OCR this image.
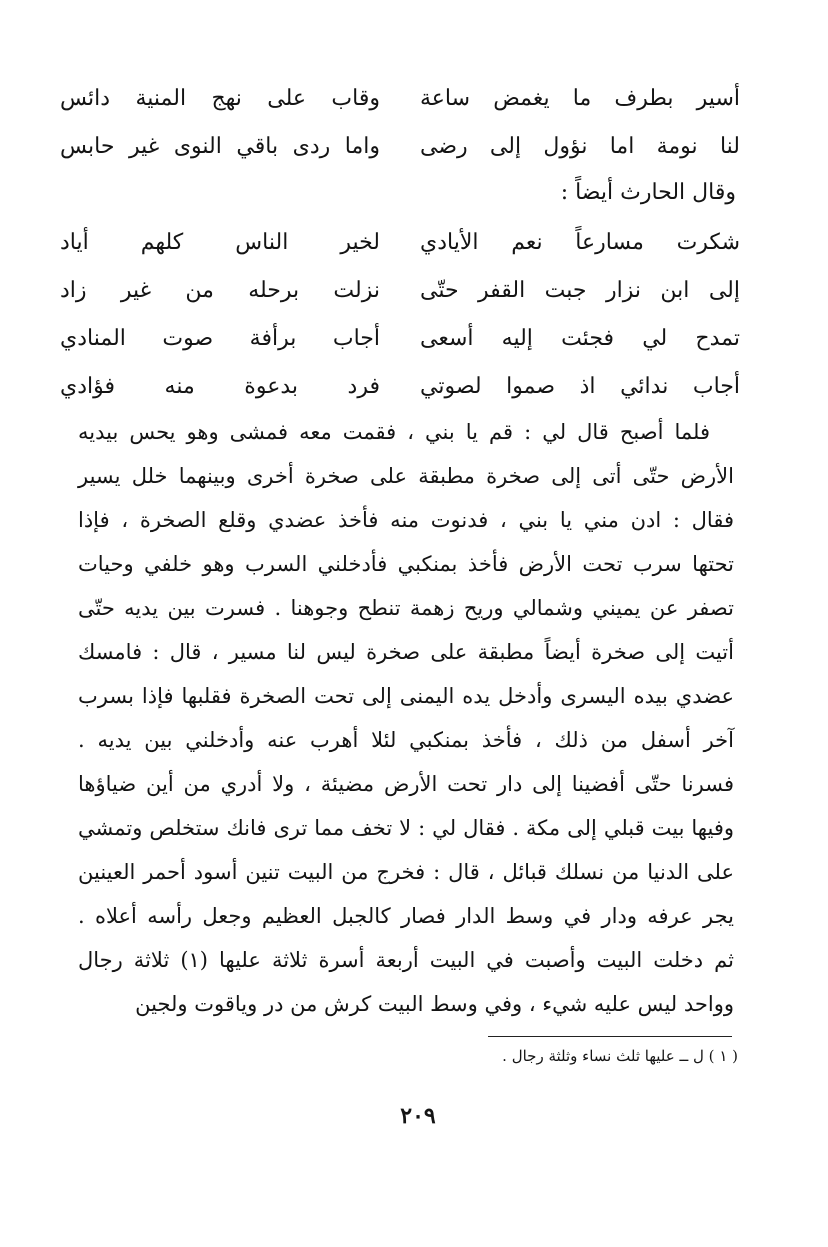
أسير بطرف ما يغمض ساعة
وقاب على نهج المنية دائس
لنا نومة اما نؤول إلى رضى
واما ردى باقي النوى غير حابس
وقال الحارث أيضاً :
شكرت مسارعاً نعم الأيادي
لخير الناس كلهم أياد
إلى ابن نزار جبت القفر حتّى
نزلت برحله من غير زاد
تمدح لي فجئت إليه أسعى
أجاب برأفة صوت المنادي
أجاب ندائي اذ صموا لصوتي
فرد بدعوة منه فؤادي
فلما أصبح قال لي : قم يا بني ، فقمت معه فمشى وهو يحس بيديه
الأرض حتّى أتى إلى صخرة مطبقة على صخرة أخرى وبينهما خلل يسير
فقال : ادن مني يا بني ، فدنوت منه فأخذ عضدي وقلع الصخرة ، فإذا
تحتها سرب تحت الأرض فأخذ بمنكبي فأدخلني السرب وهو خلفي وحيات
تصفر عن يميني وشمالي وريح زهمة تنطح وجوهنا . فسرت بين يديه حتّى
أتيت إلى صخرة أيضاً مطبقة على صخرة ليس لنا مسير ، قال : فامسك
عضدي بيده اليسرى وأدخل يده اليمنى إلى تحت الصخرة فقلبها فإذا بسرب
آخر أسفل من ذلك ، فأخذ بمنكبي لئلا أهرب عنه وأدخلني بين يديه .
فسرنا حتّى أفضينا إلى دار تحت الأرض مضيئة ، ولا أدري من أين ضياؤها
وفيها بيت قبلي إلى مكة . فقال لي : لا تخف مما ترى فانك ستخلص وتمشي
على الدنيا من نسلك قبائل ، قال : فخرج من البيت تنين أسود أحمر العينين
يجر عرفه ودار في وسط الدار فصار كالجبل العظيم وجعل رأسه أعلاه .
ثم دخلت البيت وأصبت في البيت أربعة أسرة ثلاثة عليها (١) ثلاثة رجال
وواحد ليس عليه شيء ، وفي وسط البيت كرش من در وياقوت ولجين
( ١ ) ل ــ عليها ثلث نساء وثلثة رجال .
٢٠٩
